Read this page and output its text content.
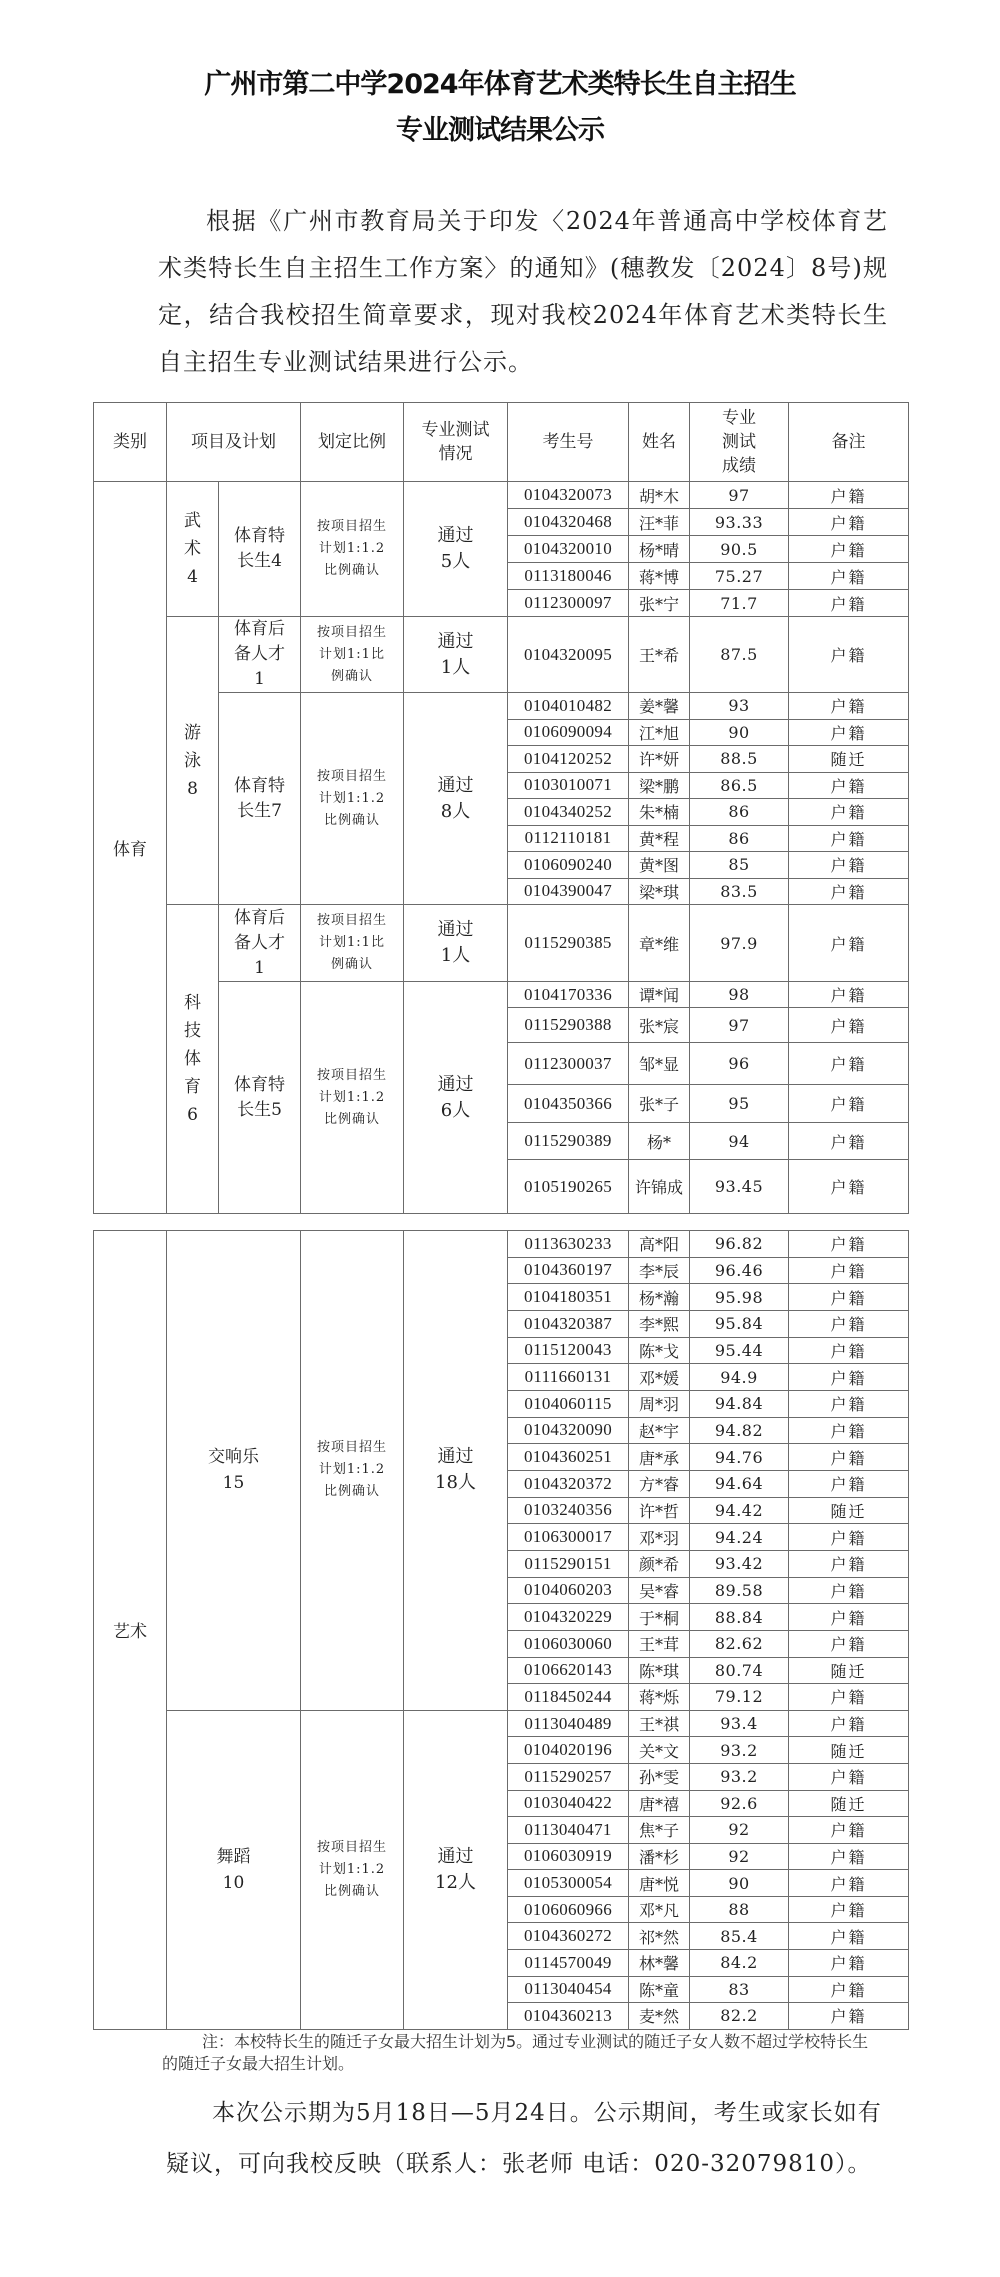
广州市第二中学2024年体育艺术类特长生自主招生
专业测试结果公示

根据《广州市教育局关于印发〈2024年普通高中学校体育艺术类特长生自主招生工作方案〉的通知》(穗教发〔2024〕8号)规定，结合我校招生简章要求，现对我校2024年体育艺术类特长生自主招生专业测试结果进行公示。

类别	项目及计划		划定比例	专业测试情况	考生号	姓名	专业测试成绩	备注
体育	武术4	体育特长生4	按项目招生计划1:1.2比例确认	通过5人	0104320073	胡*木	97	户籍
					0104320468	汪*菲	93.33	户籍
					0104320010	杨*晴	90.5	户籍
					0113180046	蒋*博	75.27	户籍
					0112300097	张*宁	71.7	户籍
	游泳8	体育后备人才1	按项目招生计划1:1比例确认	通过1人	0104320095	王*希	87.5	户籍

		体育特长生7	按项目招生计划1:1.2比例确认	通过8人	0104010482	姜*馨	93	户籍
					0106090094	江*旭	90	户籍
					0104120252	许*妍	88.5	随迁
					0103010071	梁*鹏	86.5	户籍
					0104340252	朱*楠	86	户籍
					0112110181	黄*程	86	户籍
					0106090240	黄*图	85	户籍
					0104390047	梁*琪	83.5	户籍
	科技体育6	体育后备人才1	按项目招生计划1:1比例确认	通过1人	0115290385	章*维	97.9	户籍

		体育特长生5	按项目招生计划1:1.2比例确认	通过6人	0104170336	谭*闻	98	户籍
					0115290388	张*宸	97	户籍
					0112300037	邹*显	96	户籍
					0104350366	张*子	95	户籍
					0115290389	杨*	94	户籍
					0105190265	许锦成	93.45	户籍
艺术	交响乐15	按项目招生计划1:1.2比例确认	通过18人	0113630233	高*阳	96.82	户籍
				0104360197	李*辰	96.46	户籍
				0104180351	杨*瀚	95.98	户籍
				0104320387	李*熙	95.84	户籍
				0115120043	陈*戈	95.44	户籍
				0111660131	邓*媛	94.9	户籍
				0104060115	周*羽	94.84	户籍
				0104320090	赵*宇	94.82	户籍
				0104360251	唐*承	94.76	户籍
				0104320372	方*睿	94.64	户籍
				0103240356	许*哲	94.42	随迁
				0106300017	邓*羽	94.24	户籍
				0115290151	颜*希	93.42	户籍
				0104060203	吴*睿	89.58	户籍
				0104320229	于*桐	88.84	户籍
				0106030060	王*茸	82.62	户籍
				0106620143	陈*琪	80.74	随迁
				0118450244	蒋*烁	79.12	户籍

	舞蹈10	按项目招生计划1:1.2比例确认	通过12人	0113040489	王*祺	93.4	户籍
				0104020196	关*文	93.2	随迁
				0115290257	孙*雯	93.2	户籍
				0103040422	唐*禧	92.6	随迁
				0113040471	焦*子	92	户籍
				0106030919	潘*杉	92	户籍
				0105300054	唐*悦	90	户籍
				0106060966	邓*凡	88	户籍
				0104360272	祁*然	85.4	户籍
				0114570049	林*馨	84.2	户籍
				0113040454	陈*童	83	户籍
				0104360213	麦*然	82.2	户籍

注：本校特长生的随迁子女最大招生计划为5。通过专业测试的随迁子女人数不超过学校特长生的随迁子女最大招生计划。

本次公示期为5月18日—5月24日。公示期间，考生或家长如有疑议，可向我校反映（联系人：张老师 电话：020-32079810）。
